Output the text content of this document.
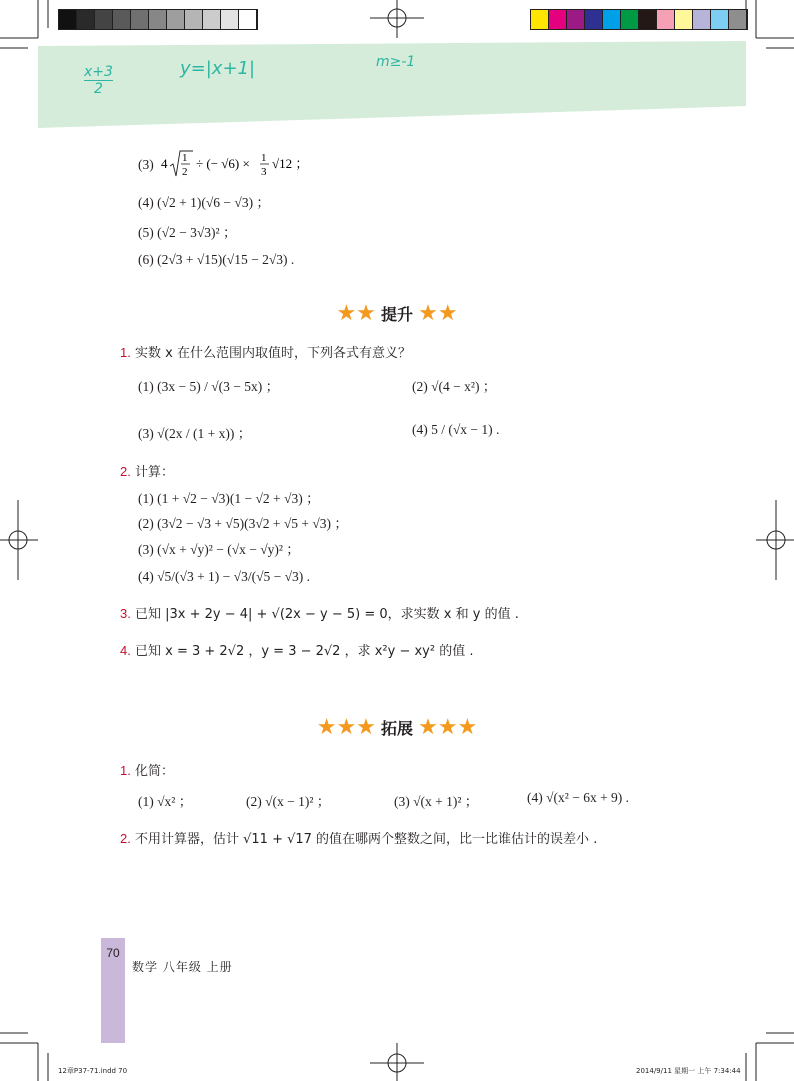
x+3
2
y=|x+1|	m≥-1
(3) 4 1
2
÷ (− √6) × 1
3
√12 ；
(4) (√2 + 1)(√6 − √3) ；
(5) (√2 − 3√3)² ；
(6) (2√3 + √15)(√15 − 2√3) .
★★ 提升 ★★
1. 实数 x 在什么范围内取值时，下列各式有意义？
(1) (3x − 5) / √(3 − 5x) ；	(2) √(4 − x²) ；
(3) √(2x / (1 + x)) ；	(4) 5 / (√x − 1) .
2. 计算：
(1) (1 + √2 − √3)(1 − √2 + √3) ；
(2) (3√2 − √3 + √5)(3√2 + √5 + √3) ；
(3) (√x + √y)² − (√x − √y)² ；
(4) √5/(√3 + 1) − √3/(√5 − √3) .
3. 已知 |3x + 2y − 4| + √(2x − y − 5) = 0，求实数 x 和 y 的值 .
4. 已知 x = 3 + 2√2 ，y = 3 − 2√2 ，求 x²y − xy² 的值 .
★★★ 拓展 ★★★
1. 化简：
(1) √x² ；	(2) √(x − 1)² ；	(3) √(x + 1)² ；	(4) √(x² − 6x + 9) .
2. 不用计算器，估计 √11 + √17 的值在哪两个整数之间，比一比谁估计的误差小 .
70
数学 八年级 上册
12章P37-71.indd 70	2014/9/11 星期一 上午 7:34:44
